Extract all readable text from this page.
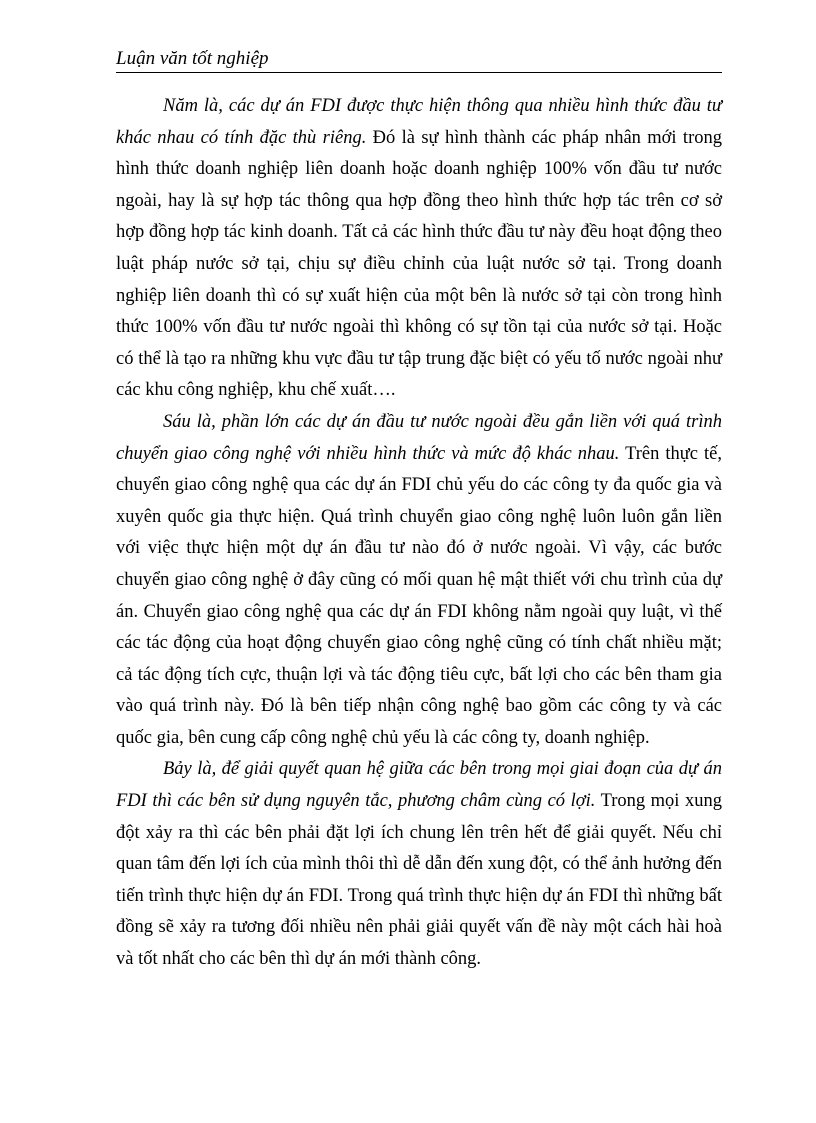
Luận văn tốt nghiệp

Năm là, các dự án FDI được thực hiện thông qua nhiều hình thức đầu tư khác nhau có tính đặc thù riêng. Đó là sự hình thành các pháp nhân mới trong hình thức doanh nghiệp liên doanh hoặc doanh nghiệp 100% vốn đầu tư nước ngoài, hay là sự hợp tác thông qua hợp đồng theo hình thức hợp tác trên cơ sở hợp đồng hợp tác kinh doanh. Tất cả các hình thức đầu tư này đều hoạt động theo luật pháp nước sở tại, chịu sự điều chỉnh của luật nước sở tại. Trong doanh nghiệp liên doanh thì có sự xuất hiện của một bên là nước sở tại còn trong hình thức 100% vốn đầu tư nước ngoài thì không có sự tồn tại của nước sở tại. Hoặc có thể là tạo ra những khu vực đầu tư tập trung đặc biệt có yếu tố nước ngoài như các khu công nghiệp, khu chế xuất….

Sáu là, phần lớn các dự án đầu tư nước ngoài đều gắn liền với quá trình chuyển giao công nghệ với nhiều hình thức và mức độ khác nhau. Trên thực tế, chuyển giao công nghệ qua các dự án FDI chủ yếu do các công ty đa quốc gia và xuyên quốc gia thực hiện. Quá trình chuyển giao công nghệ luôn luôn gắn liền với việc thực hiện một dự án đầu tư nào đó ở nước ngoài. Vì vậy, các bước chuyển giao công nghệ ở đây cũng có mối quan hệ mật thiết với chu trình của dự án. Chuyển giao công nghệ qua các dự án FDI không nằm ngoài quy luật, vì thế các tác động của hoạt động chuyển giao công nghệ cũng có tính chất nhiều mặt; cả tác động tích cực, thuận lợi và tác động tiêu cực, bất lợi cho các bên tham gia vào quá trình này. Đó là bên tiếp nhận công nghệ bao gồm các công ty và các quốc gia, bên cung cấp công nghệ chủ yếu là các công ty, doanh nghiệp.

Bảy là, để giải quyết quan hệ giữa các bên trong mọi giai đoạn của dự án FDI thì các bên sử dụng nguyên tắc, phương châm cùng có lợi. Trong mọi xung đột xảy ra thì các bên phải đặt lợi ích chung lên trên hết để giải quyết. Nếu chỉ quan tâm đến lợi ích của mình thôi thì dễ dẫn đến xung đột, có thể ảnh hưởng đến tiến trình thực hiện dự án FDI. Trong quá trình thực hiện dự án FDI thì những bất đồng sẽ xảy ra tương đối nhiều nên phải giải quyết vấn đề này một cách hài hoà và tốt nhất cho các bên thì dự án mới thành công.
